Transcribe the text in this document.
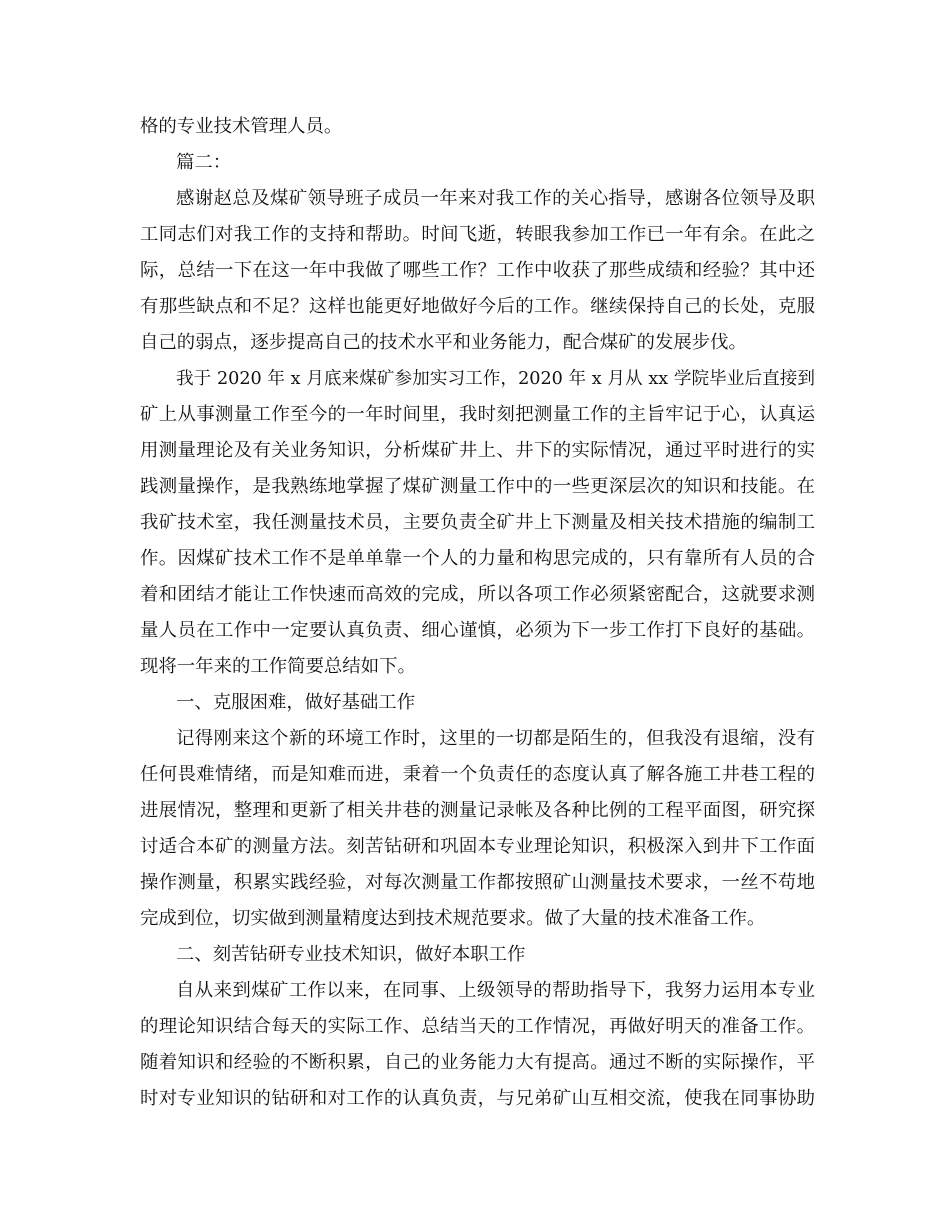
格的专业技术管理人员。
篇二：
感谢赵总及煤矿领导班子成员一年来对我工作的关心指导，感谢各位领导及职
工同志们对我工作的支持和帮助。时间飞逝，转眼我参加工作已一年有余。在此之
际，总结一下在这一年中我做了哪些工作？工作中收获了那些成绩和经验？其中还
有那些缺点和不足？这样也能更好地做好今后的工作。继续保持自己的长处，克服
自己的弱点，逐步提高自己的技术水平和业务能力，配合煤矿的发展步伐。
我于 2020 年 x 月底来煤矿参加实习工作，2020 年 x 月从 xx 学院毕业后直接到
矿上从事测量工作至今的一年时间里，我时刻把测量工作的主旨牢记于心，认真运
用测量理论及有关业务知识，分析煤矿井上、井下的实际情况，通过平时进行的实
践测量操作，是我熟练地掌握了煤矿测量工作中的一些更深层次的知识和技能。在
我矿技术室，我任测量技术员，主要负责全矿井上下测量及相关技术措施的编制工
作。因煤矿技术工作不是单单靠一个人的力量和构思完成的，只有靠所有人员的合
着和团结才能让工作快速而高效的完成，所以各项工作必须紧密配合，这就要求测
量人员在工作中一定要认真负责、细心谨慎，必须为下一步工作打下良好的基础。
现将一年来的工作简要总结如下。
一、克服困难，做好基础工作
记得刚来这个新的环境工作时，这里的一切都是陌生的，但我没有退缩，没有
任何畏难情绪，而是知难而进，秉着一个负责任的态度认真了解各施工井巷工程的
进展情况，整理和更新了相关井巷的测量记录帐及各种比例的工程平面图，研究探
讨适合本矿的测量方法。刻苦钻研和巩固本专业理论知识，积极深入到井下工作面
操作测量，积累实践经验，对每次测量工作都按照矿山测量技术要求，一丝不苟地
完成到位，切实做到测量精度达到技术规范要求。做了大量的技术准备工作。
二、刻苦钻研专业技术知识，做好本职工作
自从来到煤矿工作以来，在同事、上级领导的帮助指导下，我努力运用本专业
的理论知识结合每天的实际工作、总结当天的工作情况，再做好明天的准备工作。
随着知识和经验的不断积累，自己的业务能力大有提高。通过不断的实际操作，平
时对专业知识的钻研和对工作的认真负责，与兄弟矿山互相交流，使我在同事协助
